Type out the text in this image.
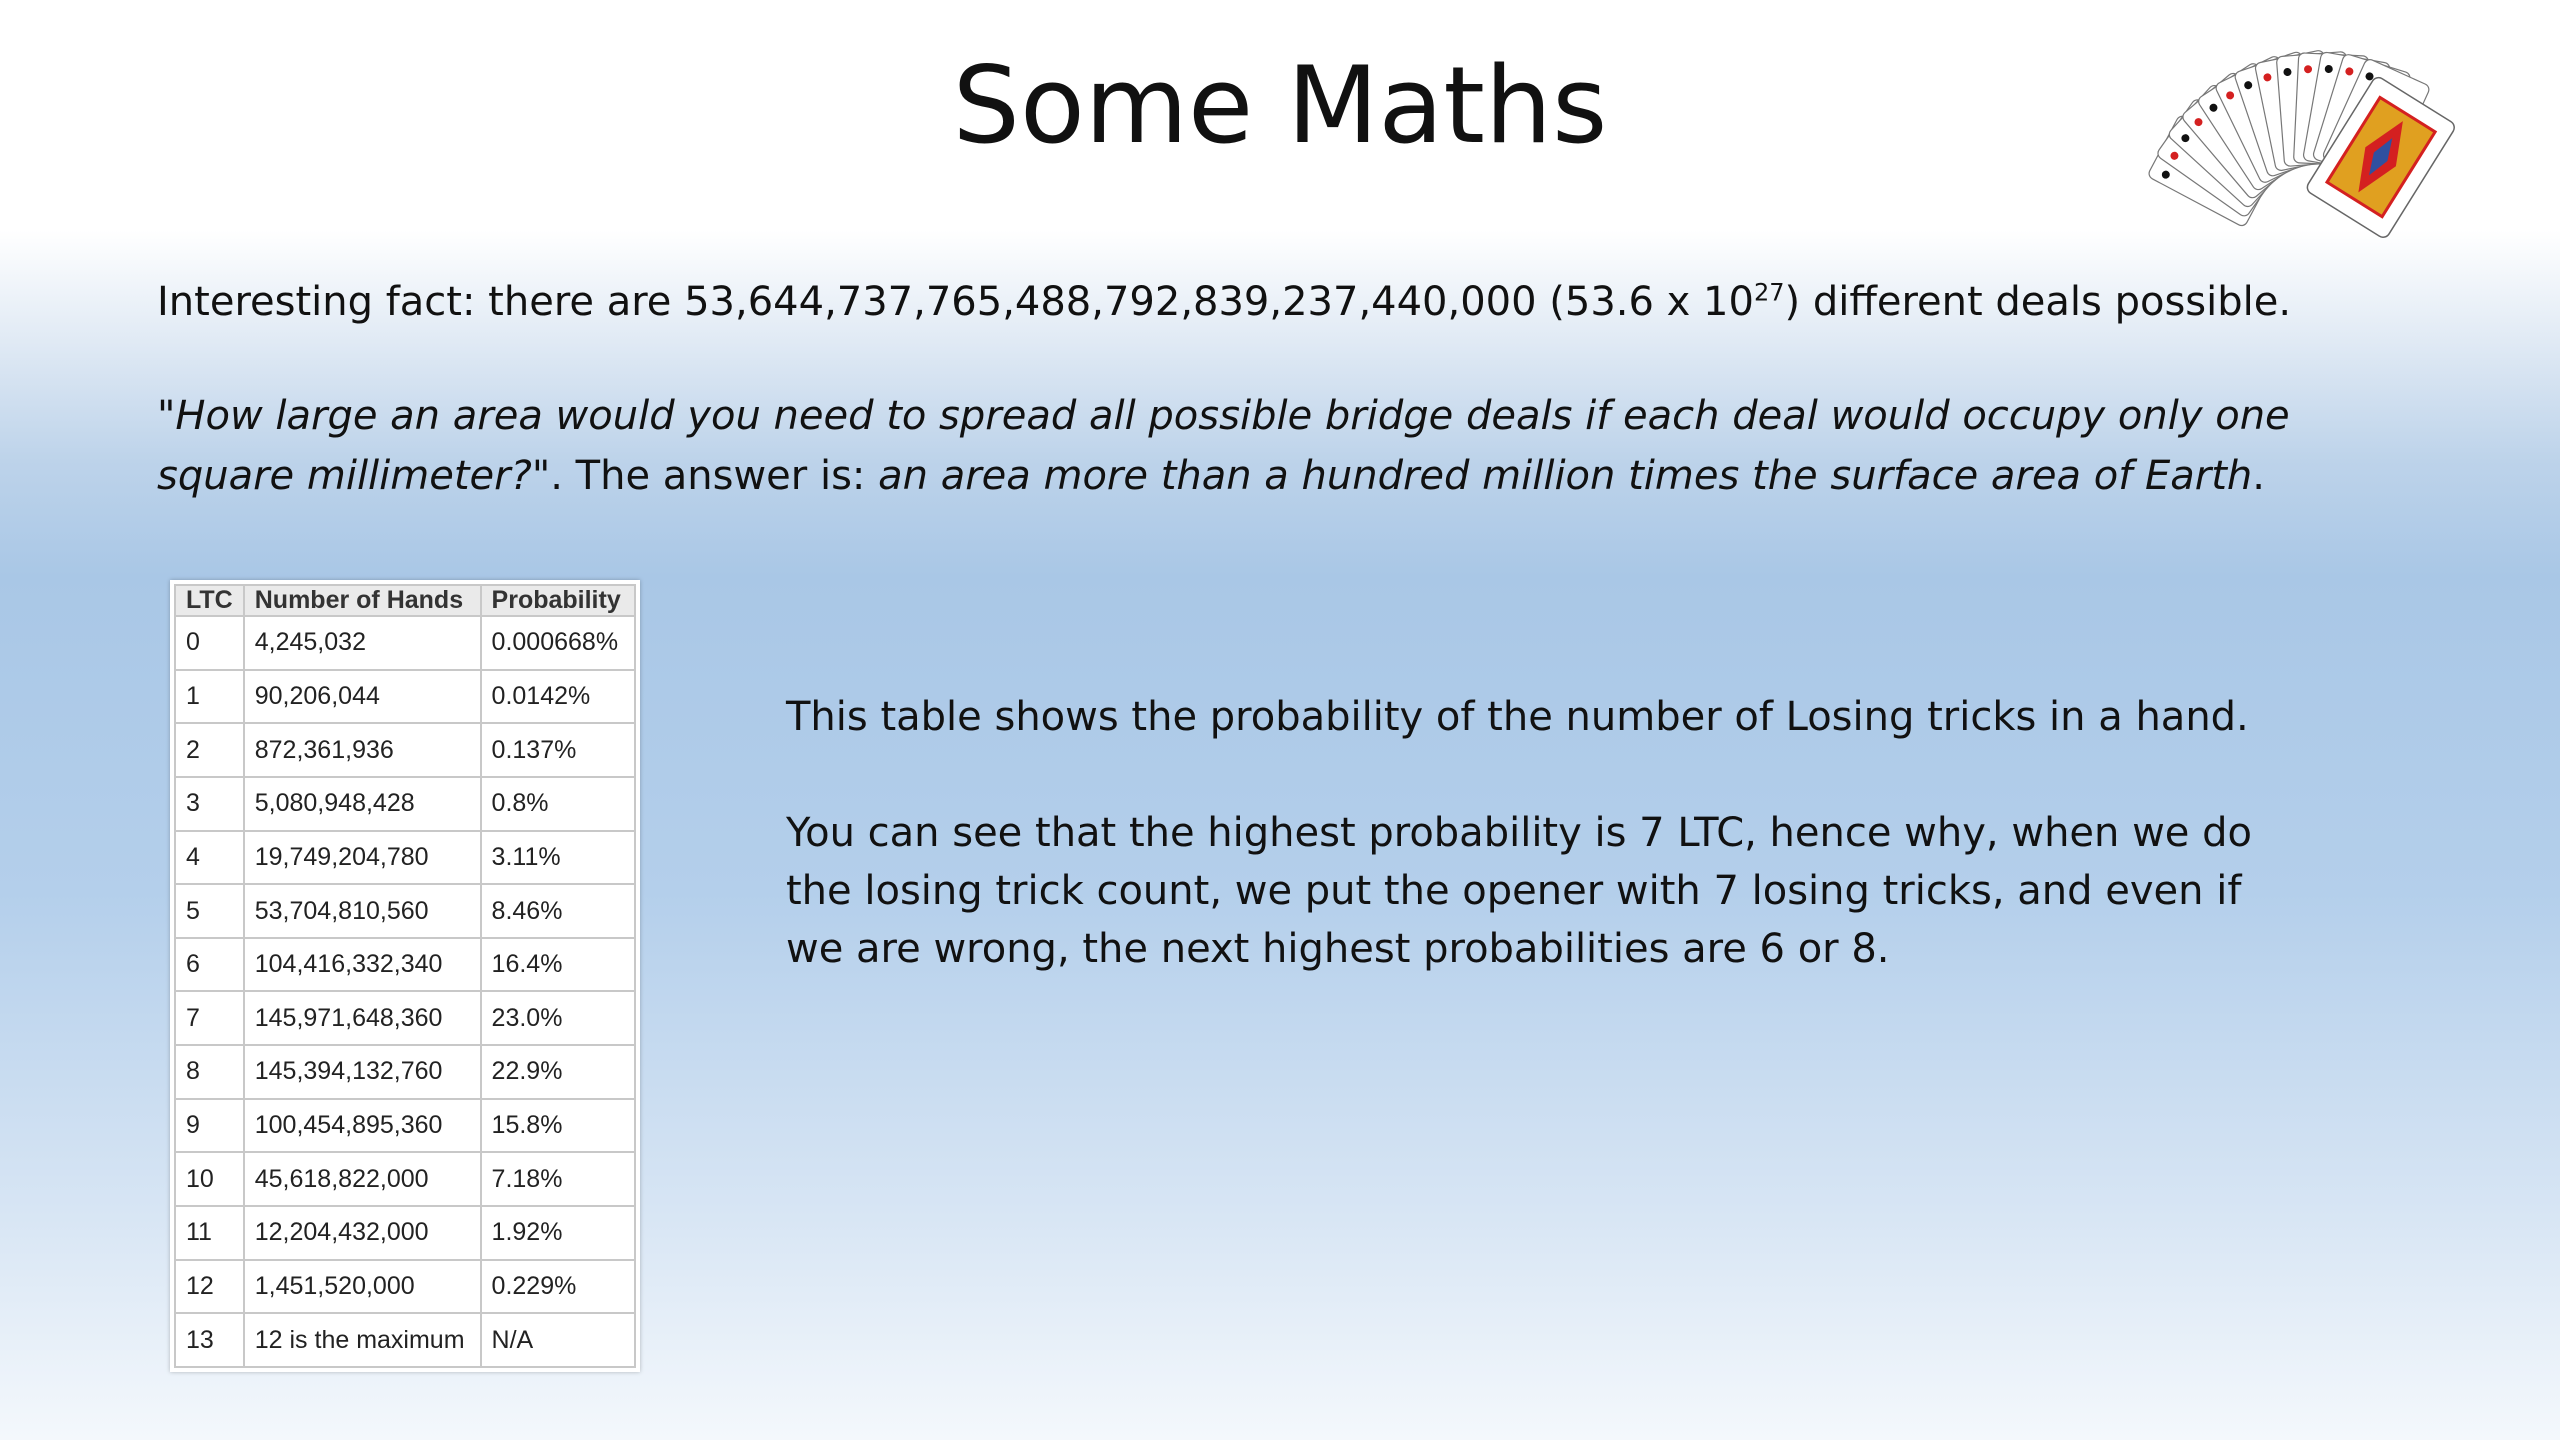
Some Maths
Interesting fact: there are 53,644,737,765,488,792,839,237,440,000 (53.6 x $10^{27}$) different deals possible.
"How large an area would you need to spread all possible bridge deals if each deal would occupy only one square millimeter?". The answer is: an area more than a hundred million times the surface area of Earth.
LTC	Number of Hands	Probability
0	4,245,032	0.000668%
1	90,206,044	0.0142%
2	872,361,936	0.137%
3	5,080,948,428	0.8%
4	19,749,204,780	3.11%
5	53,704,810,560	8.46%
6	104,416,332,340	16.4%
7	145,971,648,360	23.0%
8	145,394,132,760	22.9%
9	100,454,895,360	15.8%
10	45,618,822,000	7.18%
11	12,204,432,000	1.92%
12	1,451,520,000	0.229%
13	12 is the maximum	N/A

This table shows the probability of the number of Losing tricks in a hand.

You can see that the highest probability is 7 LTC, hence why, when we do the losing trick count, we put the opener with 7 losing tricks, and even if we are wrong, the next highest probabilities are 6 or 8.
